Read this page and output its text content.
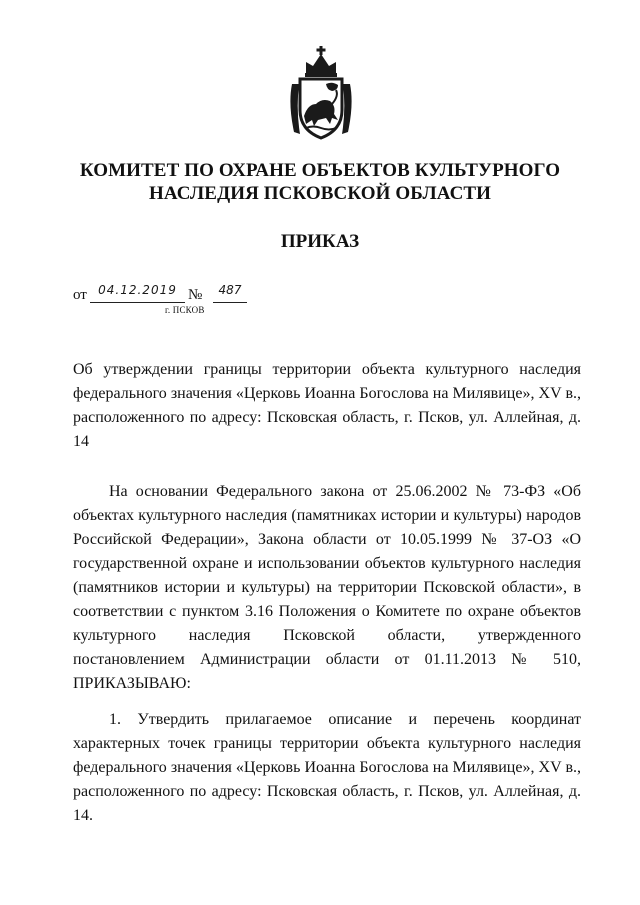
КОМИТЕТ ПО ОХРАНЕ ОБЪЕКТОВ КУЛЬТУРНОГО
НАСЛЕДИЯ ПСКОВСКОЙ ОБЛАСТИ
ПРИКАЗ
от 04.12.2019 №	487
г. ПСКОВ
Об утверждении границы территории объекта культурного наследия федерального значения «Церковь Иоанна Богослова на Милявице», XV в., расположенного по адресу: Псковская область, г. Псков, ул. Аллейная, д. 14

На основании Федерального закона от 25.06.2002 № 73-ФЗ «Об объектах культурного наследия (памятниках истории и культуры) народов Российской Федерации», Закона области от 10.05.1999 № 37-ОЗ «О государственной охране и использовании объектов культурного наследия (памятников истории и культуры) на территории Псковской области», в соответствии с пунктом 3.16 Положения о Комитете по охране объектов культурного наследия Псковской области, утвержденного постановлением Администрации области от 01.11.2013 № 510, ПРИКАЗЫВАЮ:

1. Утвердить прилагаемое описание и перечень координат характерных точек границы территории объекта культурного наследия федерального значения «Церковь Иоанна Богослова на Милявице», XV в., расположенного по адресу: Псковская область, г. Псков, ул. Аллейная, д. 14.
